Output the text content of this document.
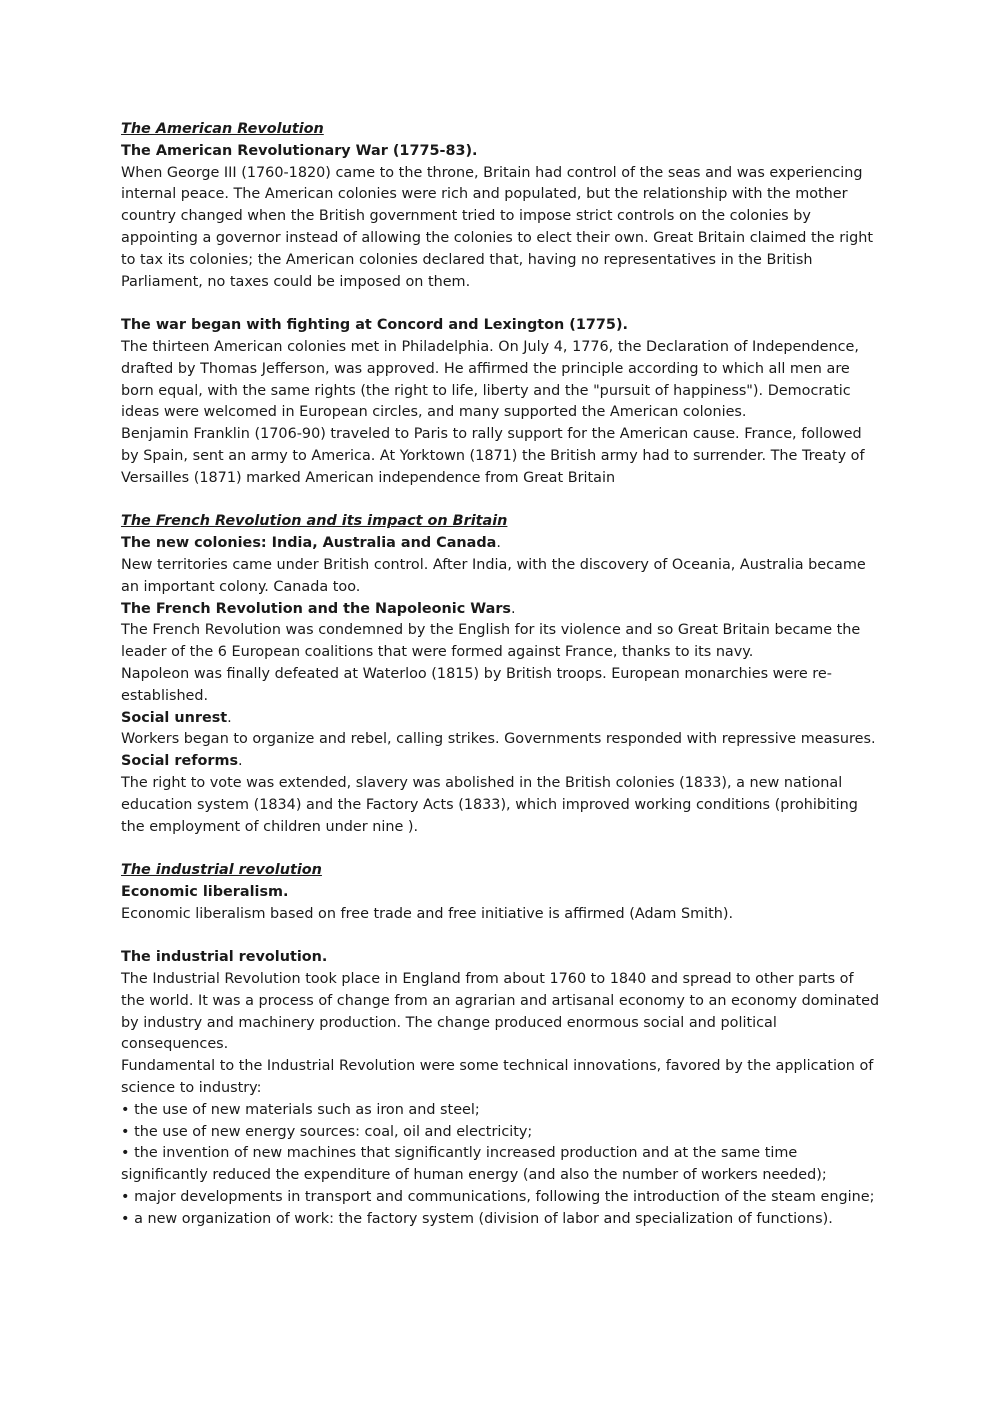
The American Revolution

The American Revolutionary War (1775-83).

When George III (1760-1820) came to the throne, Britain had control of the seas and was experiencing internal peace. The American colonies were rich and populated, but the relationship with the mother country changed when the British government tried to impose strict controls on the colonies by appointing a governor instead of allowing the colonies to elect their own. Great Britain claimed the right to tax its colonies; the American colonies declared that, having no representatives in the British Parliament, no taxes could be imposed on them.

The war began with fighting at Concord and Lexington (1775).

The thirteen American colonies met in Philadelphia. On July 4, 1776, the Declaration of Independence, drafted by Thomas Jefferson, was approved. He affirmed the principle according to which all men are born equal, with the same rights (the right to life, liberty and the "pursuit of happiness"). Democratic ideas were welcomed in European circles, and many supported the American colonies.

Benjamin Franklin (1706-90) traveled to Paris to rally support for the American cause. France, followed by Spain, sent an army to America. At Yorktown (1871) the British army had to surrender. The Treaty of Versailles (1871) marked American independence from Great Britain

The French Revolution and its impact on Britain

The new colonies: India, Australia and Canada.

New territories came under British control. After India, with the discovery of Oceania, Australia became an important colony. Canada too.

The French Revolution and the Napoleonic Wars.

The French Revolution was condemned by the English for its violence and so Great Britain became the leader of the 6 European coalitions that were formed against France, thanks to its navy.

Napoleon was finally defeated at Waterloo (1815) by British troops. European monarchies were re-established.

Social unrest.

Workers began to organize and rebel, calling strikes. Governments responded with repressive measures.

Social reforms.

The right to vote was extended, slavery was abolished in the British colonies (1833), a new national education system (1834) and the Factory Acts (1833), which improved working conditions (prohibiting the employment of children under nine ).

The industrial revolution

Economic liberalism.

Economic liberalism based on free trade and free initiative is affirmed (Adam Smith).

The industrial revolution.

The Industrial Revolution took place in England from about 1760 to 1840 and spread to other parts of the world. It was a process of change from an agrarian and artisanal economy to an economy dominated by industry and machinery production. The change produced enormous social and political consequences.

Fundamental to the Industrial Revolution were some technical innovations, favored by the application of science to industry:

• the use of new materials such as iron and steel;

• the use of new energy sources: coal, oil and electricity;

• the invention of new machines that significantly increased production and at the same time significantly reduced the expenditure of human energy (and also the number of workers needed);

• major developments in transport and communications, following the introduction of the steam engine;

• a new organization of work: the factory system (division of labor and specialization of functions).
